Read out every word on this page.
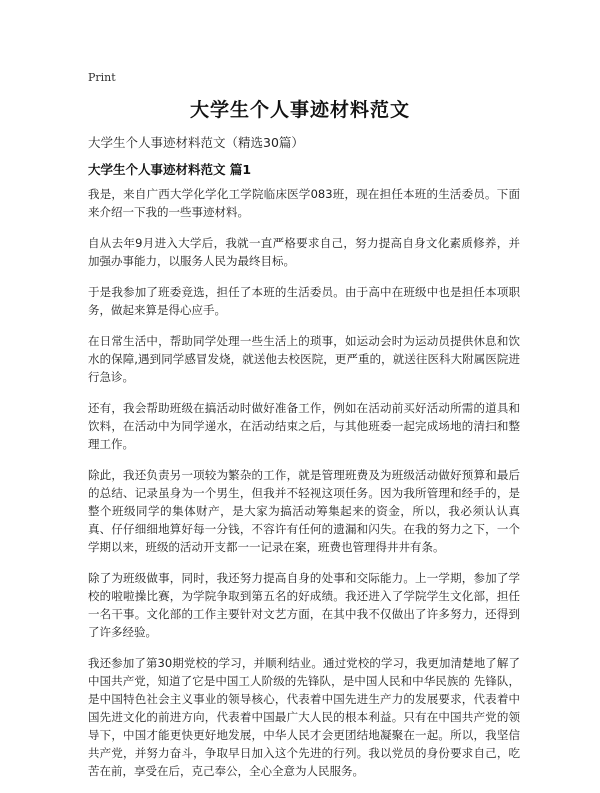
Print
大学生个人事迹材料范文
大学生个人事迹材料范文（精选30篇）
大学生个人事迹材料范文 篇1

我是，来自广西大学化学化工学院临床医学083班，现在担任本班的生活委员。下面来介绍一下我的一些事迹材料。

自从去年9月进入大学后，我就一直严格要求自己，努力提高自身文化素质修养，并加强办事能力，以服务人民为最终目标。

于是我参加了班委竞选，担任了本班的生活委员。由于高中在班级中也是担任本项职务，做起来算是得心应手。

在日常生活中，帮助同学处理一些生活上的琐事，如运动会时为运动员提供休息和饮水的保障,遇到同学感冒发烧，就送他去校医院，更严重的，就送往医科大附属医院进行急诊。

还有，我会帮助班级在搞活动时做好准备工作，例如在活动前买好活动所需的道具和饮料，在活动中为同学递水，在活动结束之后，与其他班委一起完成场地的清扫和整理工作。

除此，我还负责另一项较为繁杂的工作，就是管理班费及为班级活动做好预算和最后的总结、记录虽身为一个男生，但我并不轻视这项任务。因为我所管理和经手的，是整个班级同学的集体财产，是大家为搞活动筹集起来的资金，所以，我必须认认真真、仔仔细细地算好每一分钱，不容许有任何的遗漏和闪失。在我的努力之下，一个学期以来，班级的活动开支都一一记录在案，班费也管理得井井有条。

除了为班级做事，同时，我还努力提高自身的处事和交际能力。上一学期，参加了学校的啦啦操比赛，为学院争取到第五名的好成绩。我还进入了学院学生文化部，担任一名干事。文化部的工作主要针对文艺方面，在其中我不仅做出了许多努力，还得到了许多经验。

我还参加了第30期党校的学习，并顺利结业。通过党校的学习，我更加清楚地了解了中国共产党，知道了它是中国工人阶级的先锋队，是中国人民和中华民族的 先锋队，是中国特色社会主义事业的领导核心，代表着中国先进生产力的发展要求，代表着中国先进文化的前进方向，代表着中国最广大人民的根本利益。只有在中国共产党的领导下，中国才能更快更好地发展，中华人民才会更团结地凝聚在一起。所以，我坚信共产党，并努力奋斗，争取早日加入这个先进的行列。我以党员的身份要求自己，吃苦在前，享受在后，克己奉公，全心全意为人民服务。
